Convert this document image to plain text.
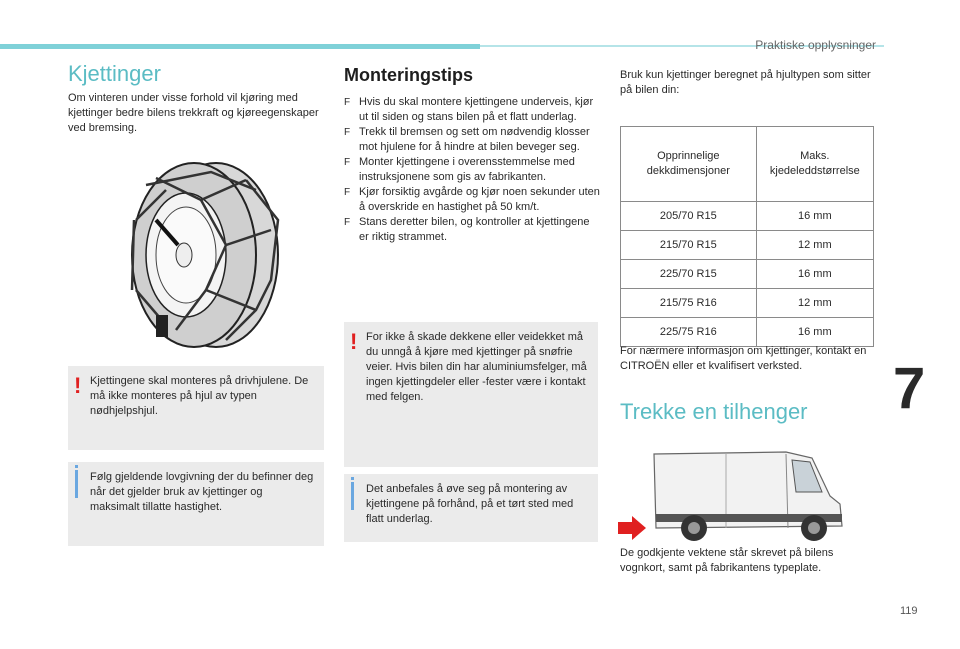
Praktiske opplysninger
7
119
Kjettinger

Om vinteren under visse forhold vil kjøring med kjettinger bedre bilens trekkraft og kjøreegenskaper ved bremsing.

! Kjettingene skal monteres på drivhjulene. De må ikke monteres på hjul av typen nødhjelpshjul.

Følg gjeldende lovgivning der du befinner deg når det gjelder bruk av kjettinger og maksimalt tillatte hastighet.

Monteringstips
F Hvis du skal montere kjettingene underveis, kjør ut til siden og stans bilen på et flatt underlag.
F Trekk til bremsen og sett om nødvendig klosser mot hjulene for å hindre at bilen beveger seg.
F Monter kjettingene i overensstemmelse med instruksjonene som gis av fabrikanten.
F Kjør forsiktig avgårde og kjør noen sekunder uten å overskride en hastighet på 50 km/t.
F Stans deretter bilen, og kontroller at kjettingene er riktig strammet.
! For ikke å skade dekkene eller veidekket må du unngå å kjøre med kjettinger på snøfrie veier. Hvis bilen din har aluminiumsfelger, må ingen kjettingdeler eller -fester være i kontakt med felgen.

Det anbefales å øve seg på montering av kjettingene på forhånd, på et tørt sted med flatt underlag.

Bruk kun kjettinger beregnet på hjultypen som sitter på bilen din:

Opprinnelige dekkdimensjoner	Maks. kjedeleddstørrelse
205/70 R15	16 mm
215/70 R15	12 mm
225/70 R15	16 mm
215/75 R16	12 mm
225/75 R16	16 mm

For nærmere informasjon om kjettinger, kontakt en CITROËN eller et kvalifisert verksted.

Trekke en tilhenger

De godkjente vektene står skrevet på bilens vognkort, samt på fabrikantens typeplate.
